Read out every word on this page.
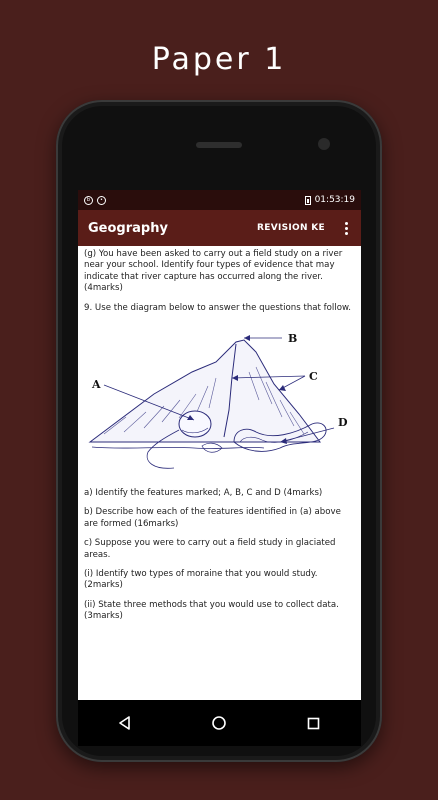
Paper 1
b	•	01:53:19
Geography	REVISION KE

(g) You have been asked to carry out a field study on a river near your school. Identify four types of evidence that may indicate that river capture has occurred along the river. (4marks)

9. Use the diagram below to answer the questions that follow.

A
B
C
D

a) Identify the features marked; A, B, C and D (4marks)

b) Describe how each of the features identified in (a) above are formed (16marks)

c) Suppose you were to carry out a field study in glaciated areas.

(i) Identify two types of moraine that you would study. (2marks)

(ii) State three methods that you would use to collect data. (3marks)
